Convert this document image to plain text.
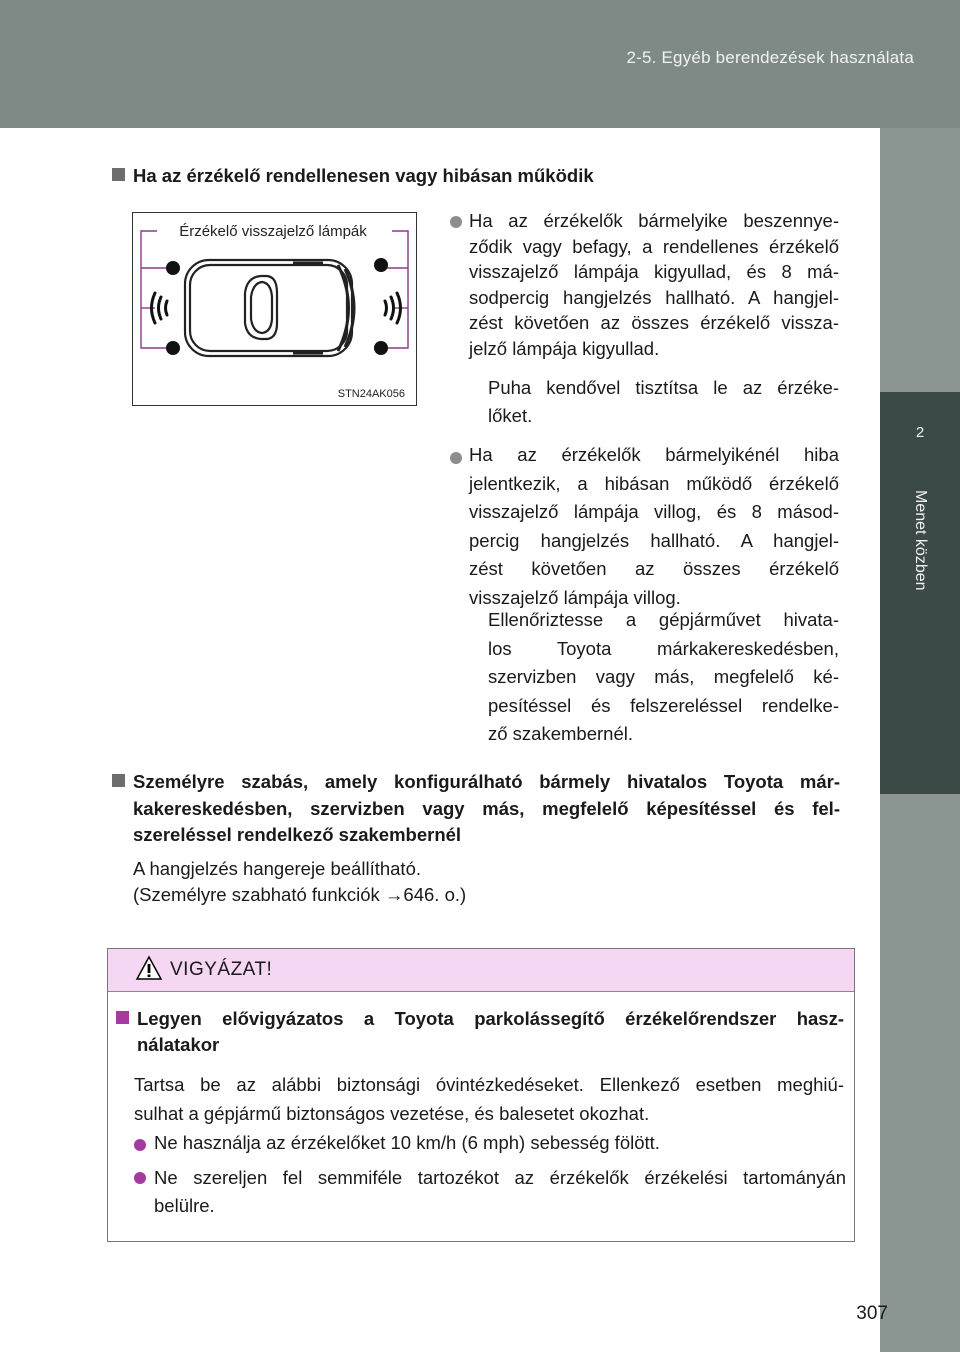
2-5. Egyéb berendezések használata
2
Menet közben
Ha az érzékelő rendellenesen vagy hibásan működik
Érzékelő visszajelző lámpák
STN24AK056
Ha az érzékelők bármelyike beszennye-
ződik vagy befagy, a rendellenes érzékelő
visszajelző lámpája kigyullad, és 8 má-
sodpercig hangjelzés hallható. A hangjel-
zést követően az összes érzékelő vissza-
jelző lámpája kigyullad.
Puha kendővel tisztítsa le az érzéke-
lőket.
Ha az érzékelők bármelyikénél hiba
jelentkezik, a hibásan működő érzékelő
visszajelző lámpája villog, és 8 másod-
percig hangjelzés hallható. A hangjel-
zést követően az összes érzékelő
visszajelző lámpája villog.
Ellenőriztesse a gépjárművet hivata-
los Toyota márkakereskedésben,
szervizben vagy más, megfelelő ké-
pesítéssel és felszereléssel rendelke-
ző szakembernél.
Személyre szabás, amely konfigurálható bármely hivatalos Toyota már-
kakereskedésben, szervizben vagy más, megfelelő képesítéssel és fel-
szereléssel rendelkező szakembernél
A hangjelzés hangereje beállítható.
(Személyre szabható funkciók →646. o.)
VIGYÁZAT!
Legyen elővigyázatos a Toyota parkolássegítő érzékelőrendszer hasz-
nálatakor
Tartsa be az alábbi biztonsági óvintézkedéseket. Ellenkező esetben meghiú-
sulhat a gépjármű biztonságos vezetése, és balesetet okozhat.
Ne használja az érzékelőket 10 km/h (6 mph) sebesség fölött.
Ne szereljen fel semmiféle tartozékot az érzékelők érzékelési tartományán
belülre.
307
